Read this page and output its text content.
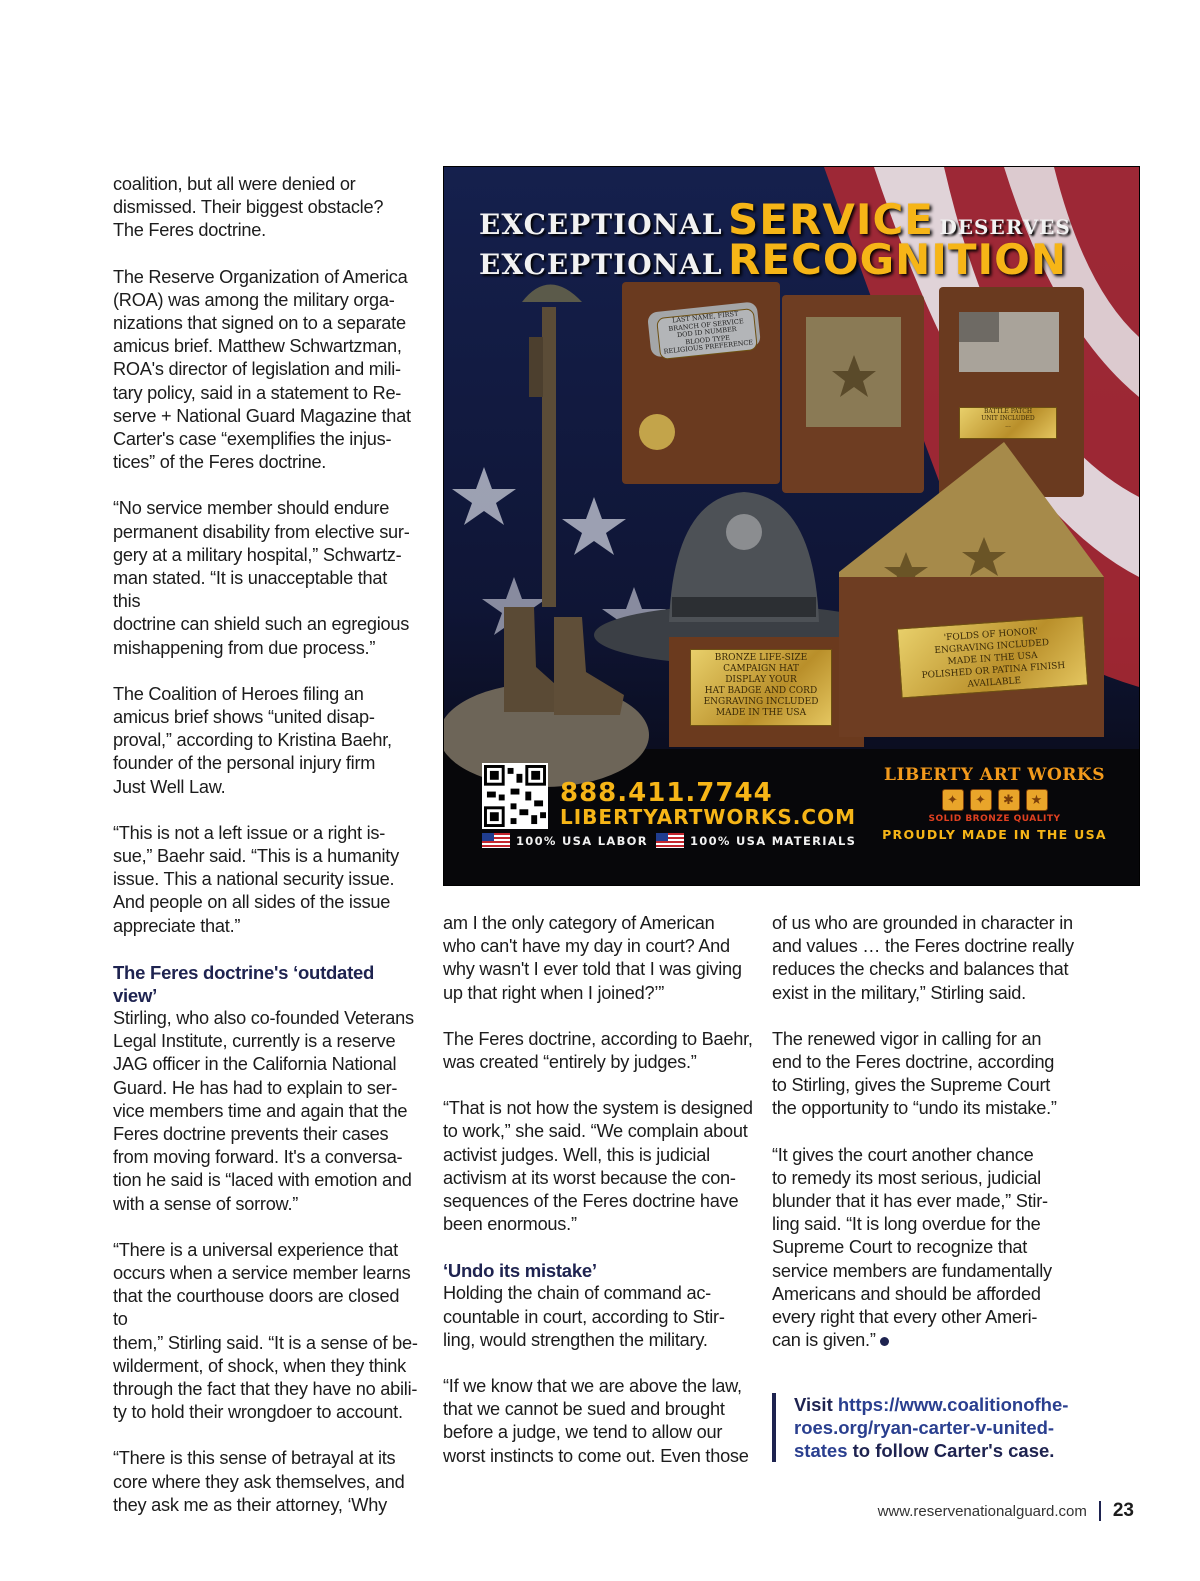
coalition, but all were denied or
dismissed. Their biggest obstacle?
The Feres doctrine.

The Reserve Organization of America
(ROA) was among the military orga-
nizations that signed on to a separate
amicus brief. Matthew Schwartzman,
ROA's director of legislation and mili-
tary policy, said in a statement to Re-
serve + National Guard Magazine that
Carter's case “exemplifies the injus-
tices” of the Feres doctrine.

“No service member should endure
permanent disability from elective sur-
gery at a military hospital,” Schwartz-
man stated. “It is unacceptable that this
doctrine can shield such an egregious
mishappening from due process.”

The Coalition of Heroes filing an
amicus brief shows “united disap-
proval,” according to Kristina Baehr,
founder of the personal injury firm
Just Well Law.

“This is not a left issue or a right is-
sue,” Baehr said. “This is a humanity
issue. This a national security issue.
And people on all sides of the issue
appreciate that.”

The Feres doctrine's ‘outdated
view’

Stirling, who also co-founded Veterans
Legal Institute, currently is a reserve
JAG officer in the California National
Guard. He has had to explain to ser-
vice members time and again that the
Feres doctrine prevents their cases
from moving forward. It's a conversa-
tion he said is “laced with emotion and
with a sense of sorrow.”

“There is a universal experience that
occurs when a service member learns
that the courthouse doors are closed to
them,” Stirling said. “It is a sense of be-
wilderment, of shock, when they think
through the fact that they have no abili-
ty to hold their wrongdoer to account.

“There is this sense of betrayal at its
core where they ask themselves, and
they ask me as their attorney, ‘Why

am I the only category of American
who can't have my day in court? And
why wasn't I ever told that I was giving
up that right when I joined?’”

The Feres doctrine, according to Baehr,
was created “entirely by judges.”

“That is not how the system is designed
to work,” she said. “We complain about
activist judges. Well, this is judicial
activism at its worst because the con-
sequences of the Feres doctrine have
been enormous.”

‘Undo its mistake’

Holding the chain of command ac-
countable in court, according to Stir-
ling, would strengthen the military.

“If we know that we are above the law,
that we cannot be sued and brought
before a judge, we tend to allow our
worst instincts to come out. Even those

of us who are grounded in character in
and values … the Feres doctrine really
reduces the checks and balances that
exist in the military,” Stirling said.

The renewed vigor in calling for an
end to the Feres doctrine, according
to Stirling, gives the Supreme Court
the opportunity to “undo its mistake.”

“It gives the court another chance
to remedy its most serious, judicial
blunder that it has ever made,” Stir-
ling said. “It is long overdue for the
Supreme Court to recognize that
service members are fundamentally
Americans and should be afforded
every right that every other Ameri-
can is given.”

Visit https://www.coalitionofhe-
roes.org/ryan-carter-v-united-
states to follow Carter's case.
www.reservenationalguard.com 23
EXCEPTIONAL SERVICE DESERVES
EXCEPTIONAL RECOGNITION
LAST NAME, FIRST
BRANCH OF SERVICE
DOD ID NUMBER
BLOOD TYPE
RELIGIOUS PREFERENCE
BATTLE PATCH
UNIT INCLUDED
...
BRONZE LIFE-SIZE
CAMPAIGN HAT
DISPLAY YOUR
HAT BADGE AND CORD
ENGRAVING INCLUDED
MADE IN THE USA
'FOLDS OF HONOR'
ENGRAVING INCLUDED
MADE IN THE USA
POLISHED OR PATINA FINISH AVAILABLE
888.411.7744
LIBERTYARTWORKS.COM
100% USA LABOR	100% USA MATERIALS
LIBERTY ART WORKS
✦	✦	✱	★
SOLID BRONZE QUALITY
PROUDLY MADE IN THE USA
